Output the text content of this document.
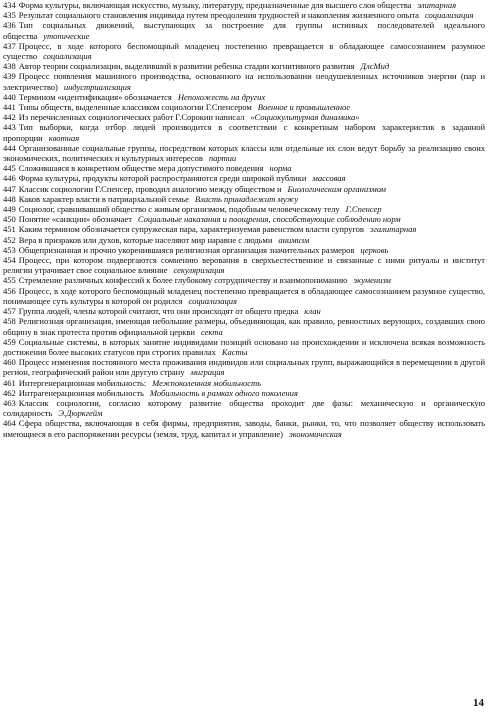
434 Форма культуры, включающая искусство, музыку, литературу, предназначенные для высшего слоя общества элитарная

435 Результат социального становления индивида путем преодоления трудностей и накопления жизненного опыта социализация

436 Тип социальных движений, выступающих за построение для группы истинных последователей идеального общества утопические

437 Процесс, в ходе которого беспомощный младенец постепенно превращается в обладающее самосознанием разумное существо социализация

438 Автор теории социализации, выделивший в развитии ребенка стадии когнитивного развития ДлсМид

439 Процесс появления машинного производства, основанного на использовании неодушевленных источников энергии (пар и электричество) индустриализация

440 Термином «идентификация» обозначается Непохожесть на других

441 Типы обществ, выделенные классиком социологии Г.Спенсером Военное и промышленное

442 Из перечисленных социологических работ Г.Сорокин написал «Социокультурная динамика»

443 Тип выборки, когда отбор людей производится в соответствии с конкретным набором характеристик в заданной пропорции квотная

444 Организованные социальные группы, посредством которых классы или отдельные их слои ведут борьбу за реализацию своих экономических, политических и культурных интересов партии

445 Сложившаяся в конкретном обществе мера допустимого поведения норма

446 Форма культуры, продукты которой распространяются среди широкой публики массовая

447 Классик социологии Г.Спенсер, проводил аналогию между обществом и Биологическим организмом

448 Каков характер власти в патриархальной семье Власть принадлежит мужу

449 Социолог, сравнивавший общество с живым организмом, подобным человеческому телу Г.Спенсер

450 Понятие «санкции» обозначает Социальные наказания и поощрения, способствующие соблюдению норм

451 Каким термином обозначается супружеская пара, характеризуемая равенством власти супругов эгалитарная

452 Вера в призраков или духов, которые населяют мир наравне с людьми анимизм

453 Общепризнанная и прочно укоренившаяся религиозная организация значительных размеров церковь

454 Процесс, при котором подвергаются сомнению верования в сверхъестественное и связанные с ними ритуалы и институт религии утрачивает свое социальное влияние секуляризация

455 Стремление различных конфессий к более глубокому сотрудничеству и взаимопониманию экуменизм

456 Процесс, в ходе которого беспомощный младенец постепенно превращается в обладающее самосознанием разумное существо, понимающее суть культуры в которой он родился социализация

457 Группа людей, члены которой считают, что они происходят от общего предка клан

458 Религиозная организация, имеющая небольшие размеры, объединяющая, как правило, ревностных верующих, создавших свою общину в знак протеста против официальной церкви секта

459 Социальные системы, в которых занятие индивидами позиций основано на происхождении и исключена всякая возможность достижения более высоких статусов при строгих правилах Касты

460 Процесс изменения постоянного места проживания индивидов или социальных групп, выражающийся в перемещении в другой регион, географический район или другую страну миграция

461 Интергенерационная мобильность: Межпоколенная мобильность

462 Интрагенерационная мобильность Мобильность в рамках одного поколения

463 Классик социологии, согласно которому развитие общества проходит две фазы: механическую и органическую солидарность Э.Дюркгейм

464 Сфера общества, включающая в себя фирмы, предприятия, заводы, банки, рынки, то, что позволяет обществу использовать имеющиеся в его распоряжении ресурсы (земля, труд, капитал и управление) экономическая

14
